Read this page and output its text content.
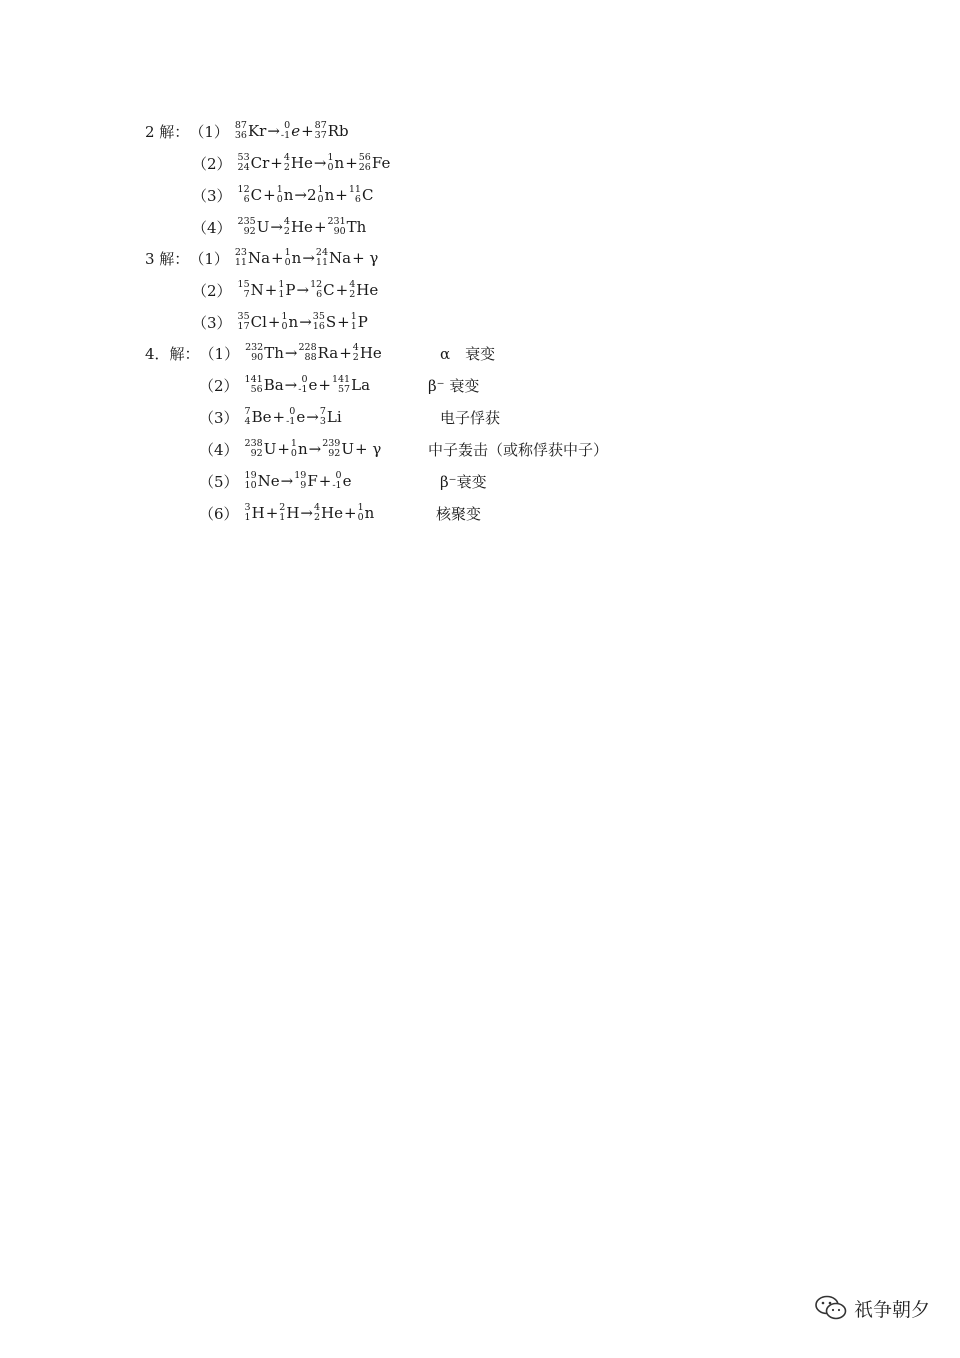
2 解： （1） 87
36 Kr → 0
-1 e + 87
37 Rb
（2） 53
24 Cr + 4
2 He → 1
0 n + 56
26 Fe
（3） 12
6 C + 1
0 n →2 1
0 n + 11
6 C
（4） 235
92 U → 4
2 He + 231
90 Th
3 解： （1） 23
11 Na + 1
0 n → 24
11 Na + γ
（2） 15
7 N + 1
1 P → 12
6 C + 4
2 He
（3） 35
17 Cl + 1
0 n → 35
16 S + 1
1 P
4．解： （1） 232
90 Th → 228
88 Ra + 4
2 He	α　衰变
（2） 141
56 Ba → 0
-1 e + 141
57 La	β⁻ 衰变
（3） 7
4 Be + 0
-1 e → 7
3 Li	电子俘获
（4） 238
92 U + 1
0 n → 239
92 U + γ	中子轰击（或称俘获中子）
（5） 19
10 Ne → 19
9 F + 0
-1 e	β⁻衰变
（6） 3
1 H + 2
1 H → 4
2 He + 1
0 n	核聚变
祇争朝夕
